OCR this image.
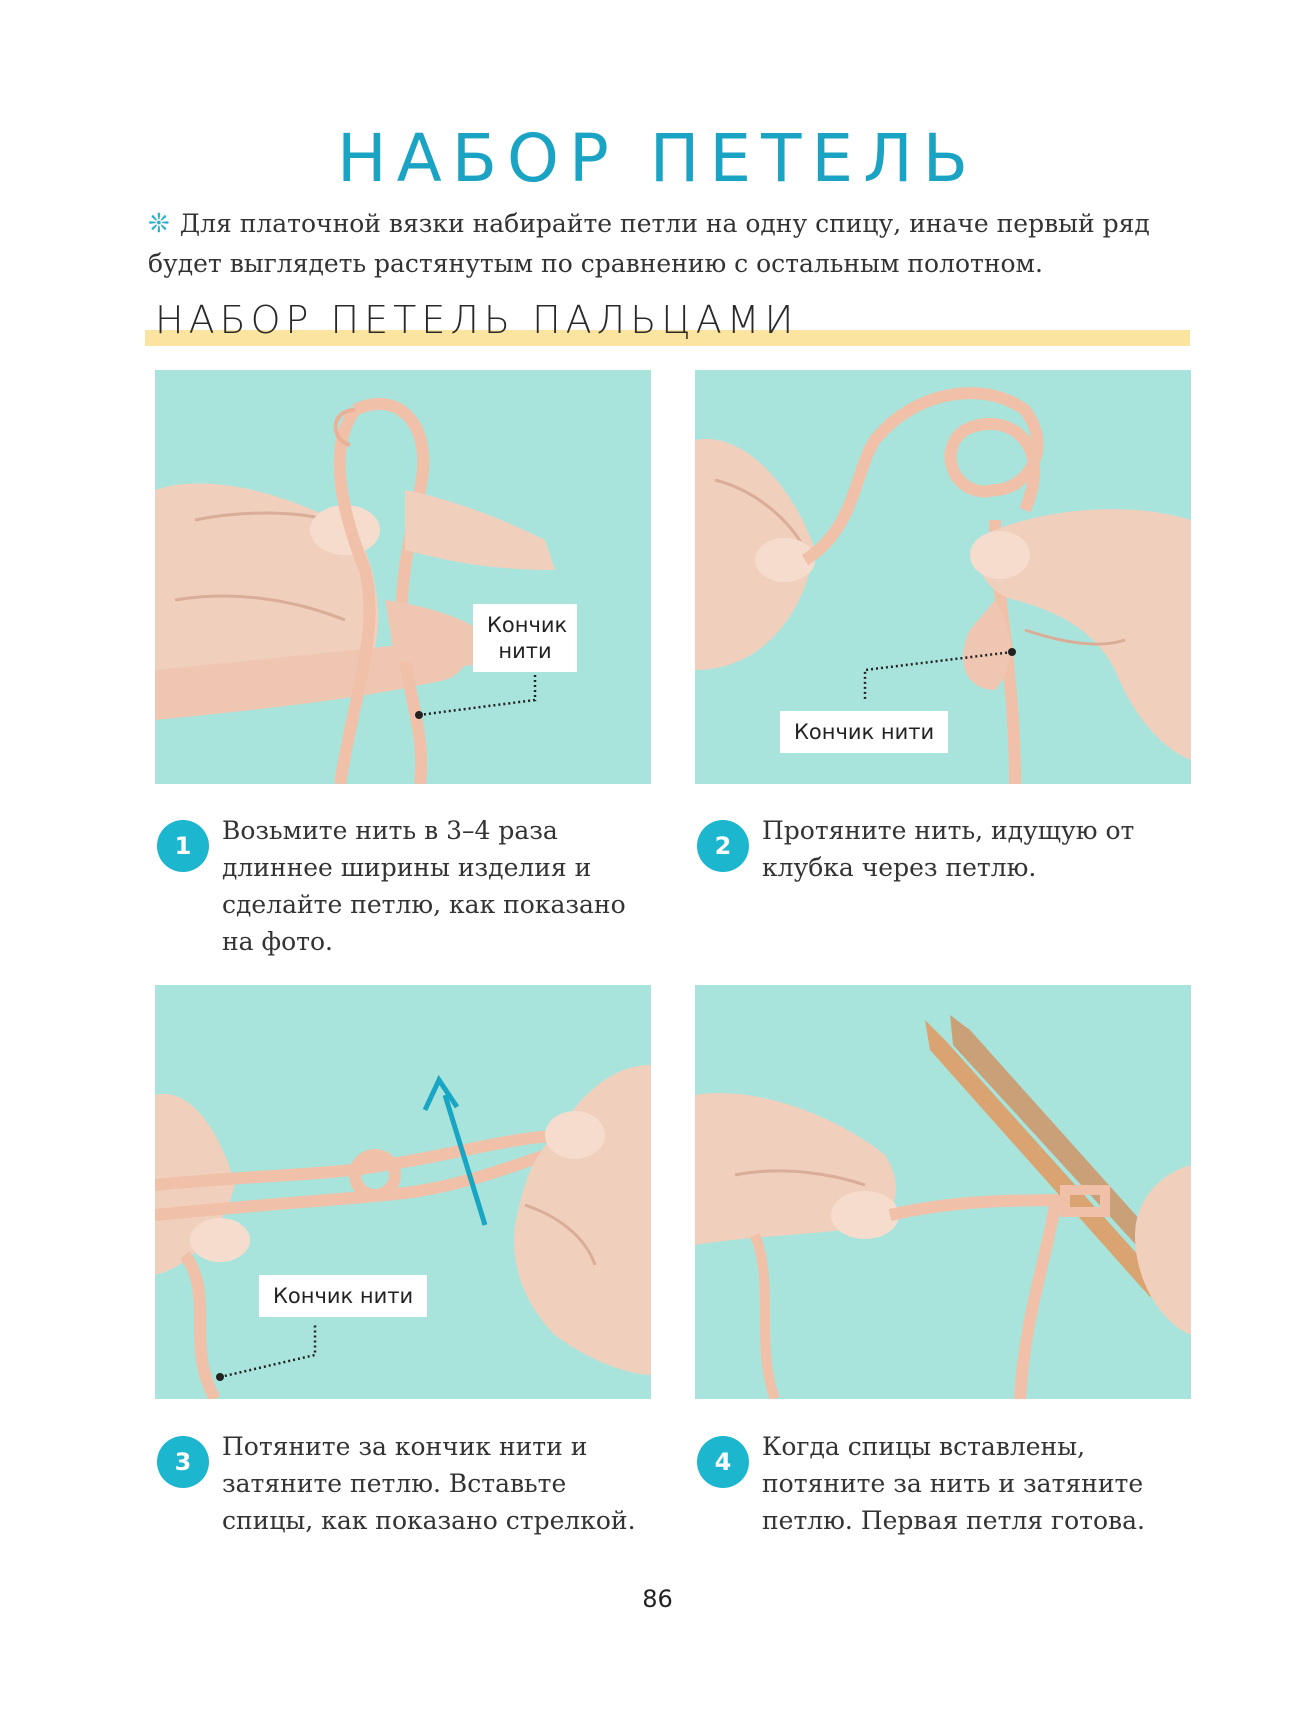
НАБОР ПЕТЕЛЬ
❊ Для платочной вязки набирайте петли на одну спицу, иначе первый ряд будет выглядеть растянутым по сравнению с остальным полотном.
НАБОР ПЕТЕЛЬ ПАЛЬЦАМИ
Кончик
нити
Кончик нити
1
Возьмите нить в 3–4 раза длиннее ширины изделия и сделайте петлю, как показано на фото.
2
Протяните нить, идущую от клубка через петлю.
Кончик нити
3
Потяните за кончик нити и затяните петлю. Вставьте спицы, как показано стрелкой.
4
Когда спицы вставлены, потяните за нить и затяните петлю. Первая петля готова.
86
